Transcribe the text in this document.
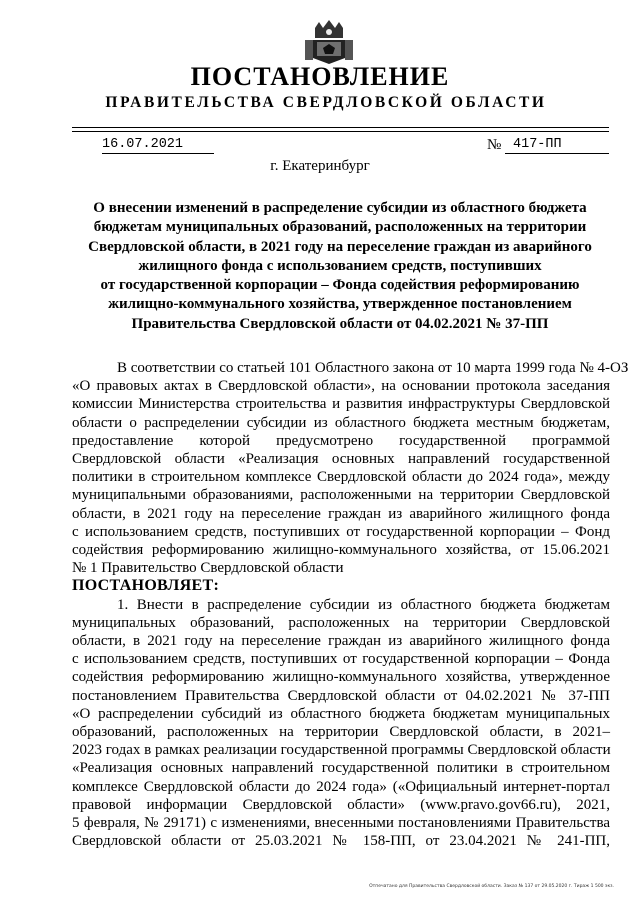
ПОСТАНОВЛЕНИЕ
ПРАВИТЕЛЬСТВА СВЕРДЛОВСКОЙ ОБЛАСТИ
16.07.2021	№ 417-ПП
г. Екатеринбург
О внесении изменений в распределение субсидии из областного бюджета
бюджетам муниципальных образований, расположенных на территории
Свердловской области, в 2021 году на переселение граждан из аварийного
жилищного фонда с использованием средств, поступивших
от государственной корпорации – Фонда содействия реформированию
жилищно-коммунального хозяйства, утвержденное постановлением
Правительства Свердловской области от 04.02.2021 № 37-ПП
В соответствии со статьей 101 Областного закона от 10 марта 1999 года № 4-ОЗ
«О правовых актах в Свердловской области», на основании протокола заседания
комиссии Министерства строительства и развития инфраструктуры Свердловской
области о распределении субсидии из областного бюджета местным бюджетам,
предоставление которой предусмотрено государственной программой
Свердловской области «Реализация основных направлений государственной
политики в строительном комплексе Свердловской области до 2024 года», между
муниципальными образованиями, расположенными на территории Свердловской
области, в 2021 году на переселение граждан из аварийного жилищного фонда
с использованием средств, поступивших от государственной корпорации – Фонд
содействия реформированию жилищно-коммунального хозяйства, от 15.06.2021
№ 1 Правительство Свердловской области
ПОСТАНОВЛЯЕТ:
1. Внести в распределение субсидии из областного бюджета бюджетам
муниципальных образований, расположенных на территории Свердловской
области, в 2021 году на переселение граждан из аварийного жилищного фонда
с использованием средств, поступивших от государственной корпорации – Фонда
содействия реформированию жилищно-коммунального хозяйства, утвержденное
постановлением Правительства Свердловской области от 04.02.2021 № 37-ПП
«О распределении субсидий из областного бюджета бюджетам муниципальных
образований, расположенных на территории Свердловской области, в 2021–
2023 годах в рамках реализации государственной программы Свердловской области
«Реализация основных направлений государственной политики в строительном
комплексе Свердловской области до 2024 года» («Официальный интернет-портал
правовой информации Свердловской области» (www.pravo.gov66.ru), 2021,
5 февраля, № 29171) с изменениями, внесенными постановлениями Правительства
Свердловской области от 25.03.2021 № 158-ПП, от 23.04.2021 № 241-ПП,
Отпечатано для Правительства Свердловской области. Заказ № 137 от 29.05.2020 г. Тираж 1 500 экз.
